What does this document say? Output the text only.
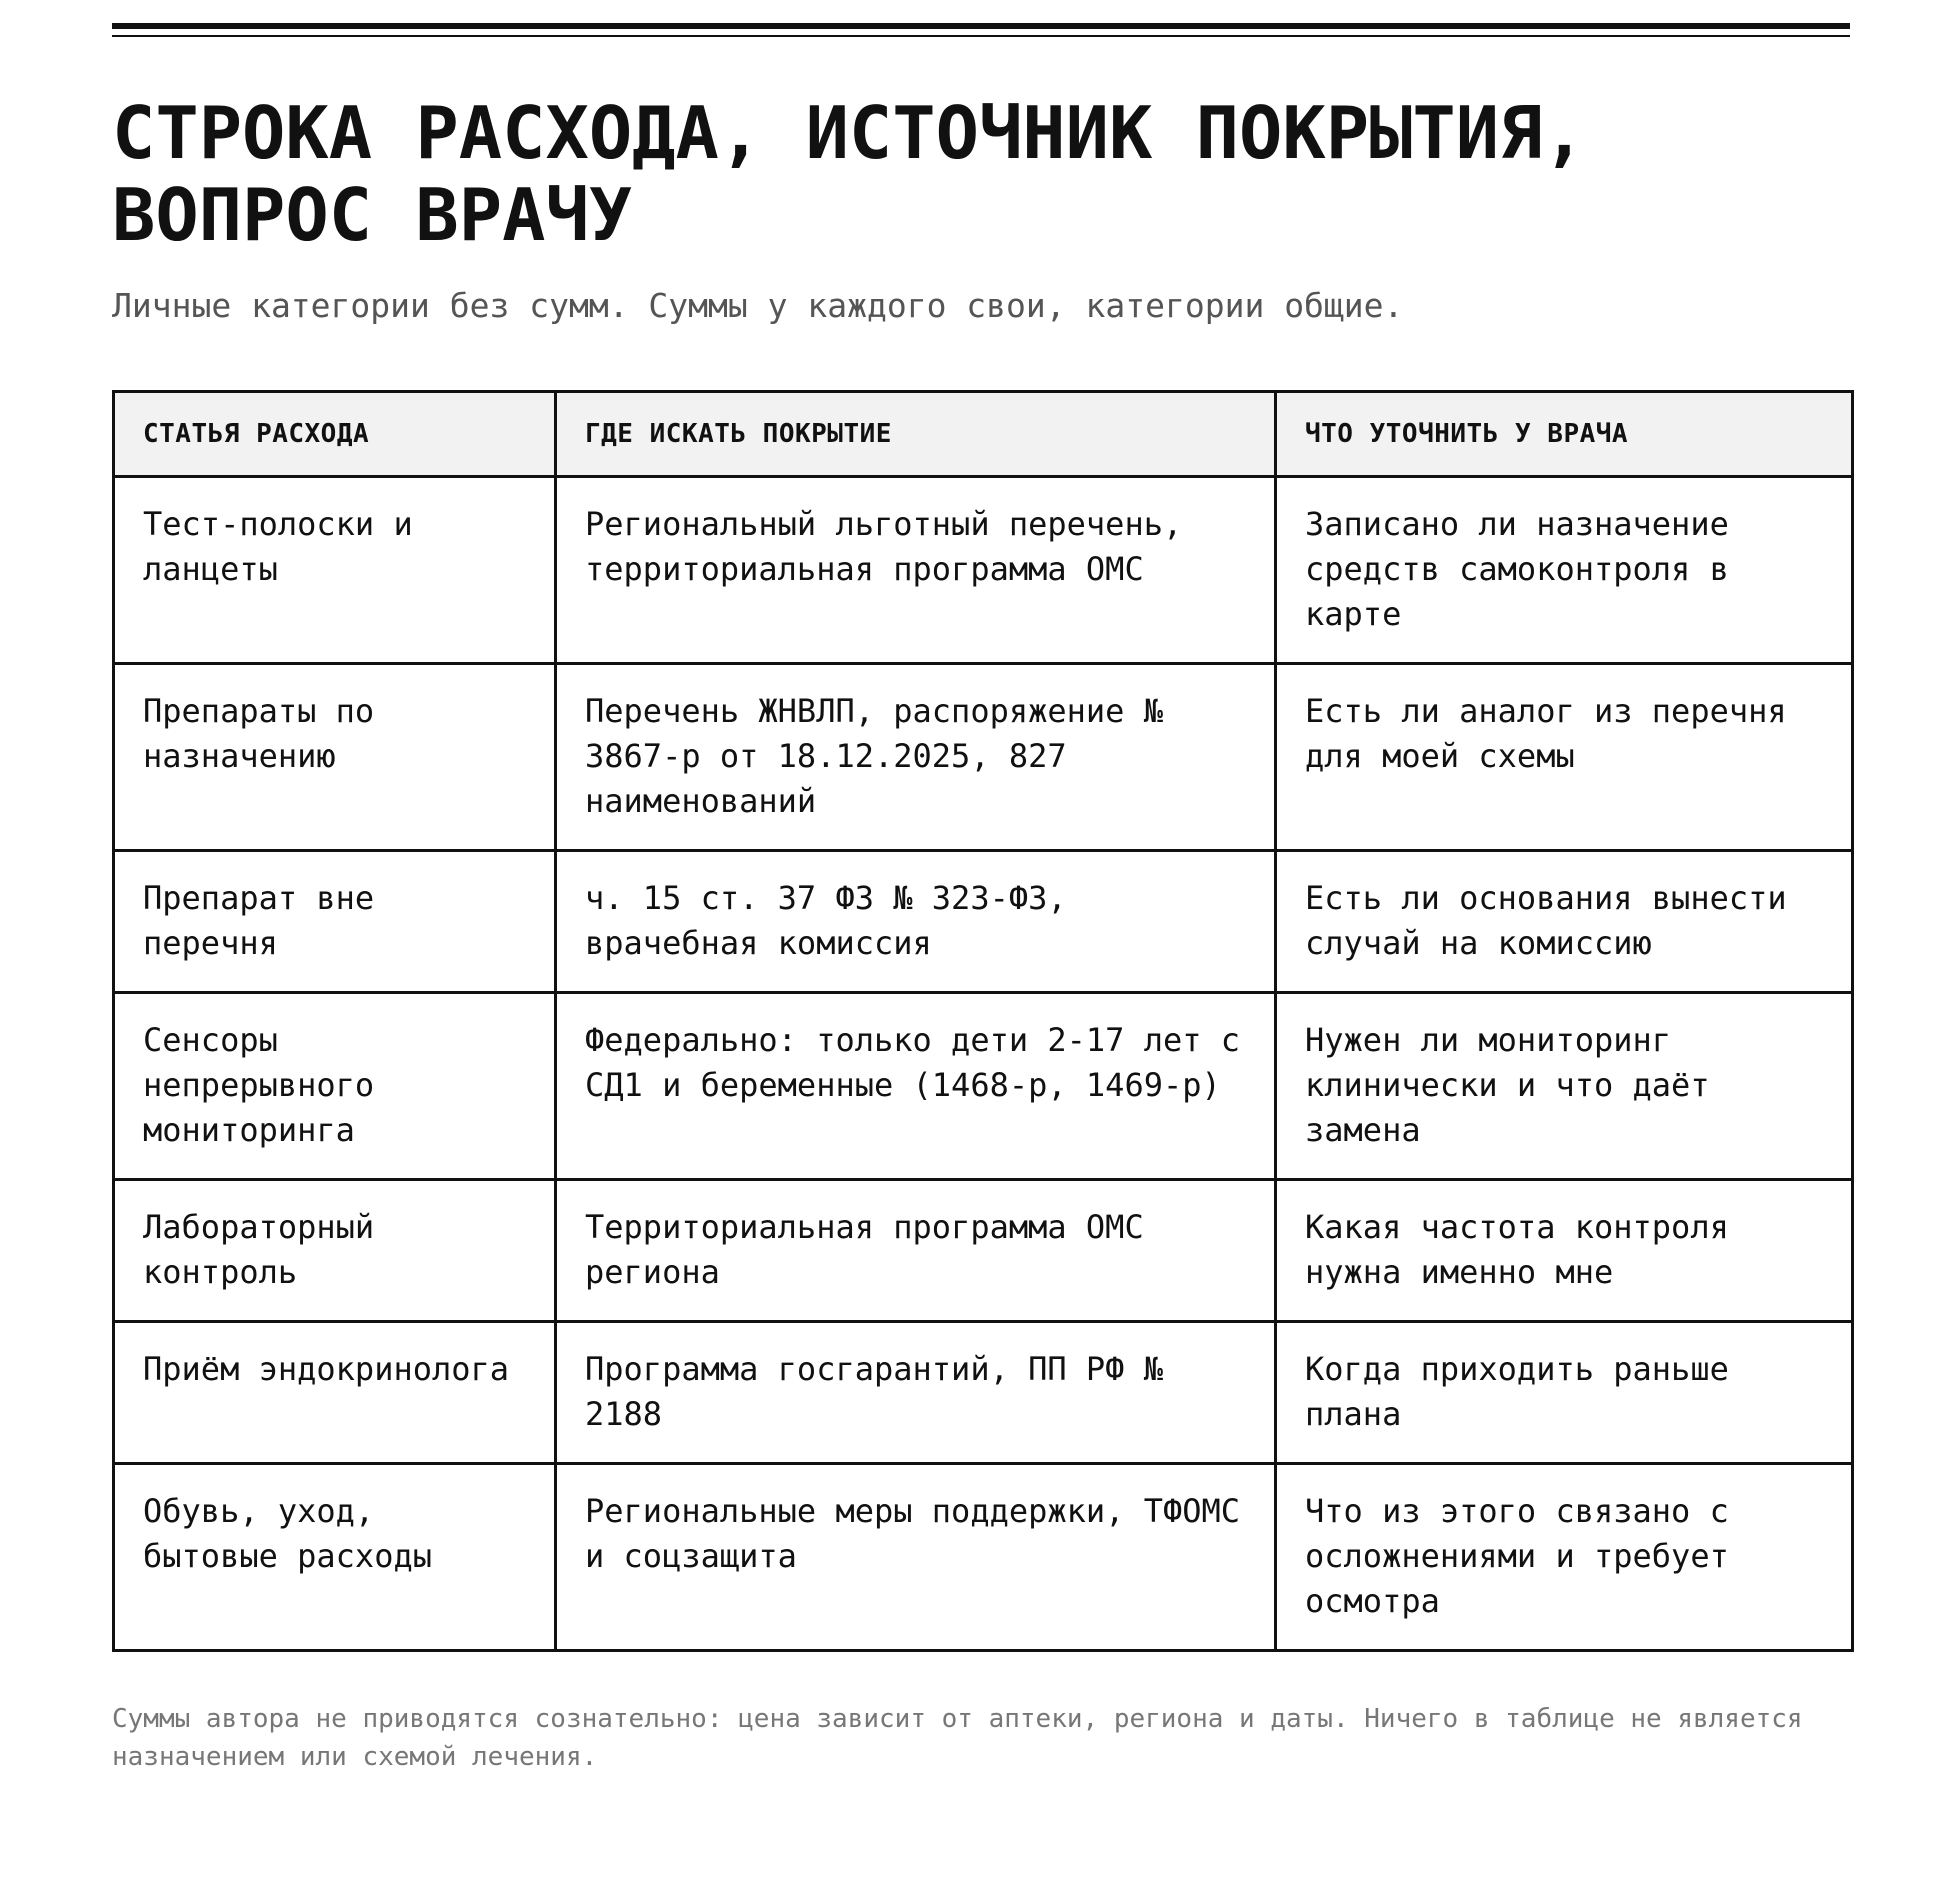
СТРОКА РАСХОДА, ИСТОЧНИК ПОКРЫТИЯ, ВОПРОС ВРАЧУ

Личные категории без сумм. Суммы у каждого свои, категории общие.

СТАТЬЯ РАСХОДА	ГДЕ ИСКАТЬ ПОКРЫТИЕ	ЧТО УТОЧНИТЬ У ВРАЧА
Тест-полоски и ланцеты	Региональный льготный перечень, территориальная программа ОМС	Записано ли назначение средств самоконтроля в карте
Препараты по назначению	Перечень ЖНВЛП, распоряжение № 3867-р от 18.12.2025, 827 наименований	Есть ли аналог из перечня для моей схемы
Препарат вне перечня	ч. 15 ст. 37 ФЗ № 323-ФЗ, врачебная комиссия	Есть ли основания вынести случай на комиссию
Сенсоры непрерывного мониторинга	Федерально: только дети 2-17 лет с СД1 и беременные (1468-р, 1469-р)	Нужен ли мониторинг клинически и что даёт замена
Лабораторный контроль	Территориальная программа ОМС региона	Какая частота контроля нужна именно мне
Приём эндокринолога	Программа госгарантий, ПП РФ № 2188	Когда приходить раньше плана
Обувь, уход, бытовые расходы	Региональные меры поддержки, ТФОМС и соцзащита	Что из этого связано с осложнениями и требует осмотра

Суммы автора не приводятся сознательно: цена зависит от аптеки, региона и даты. Ничего в таблице не является назначением или схемой лечения.
